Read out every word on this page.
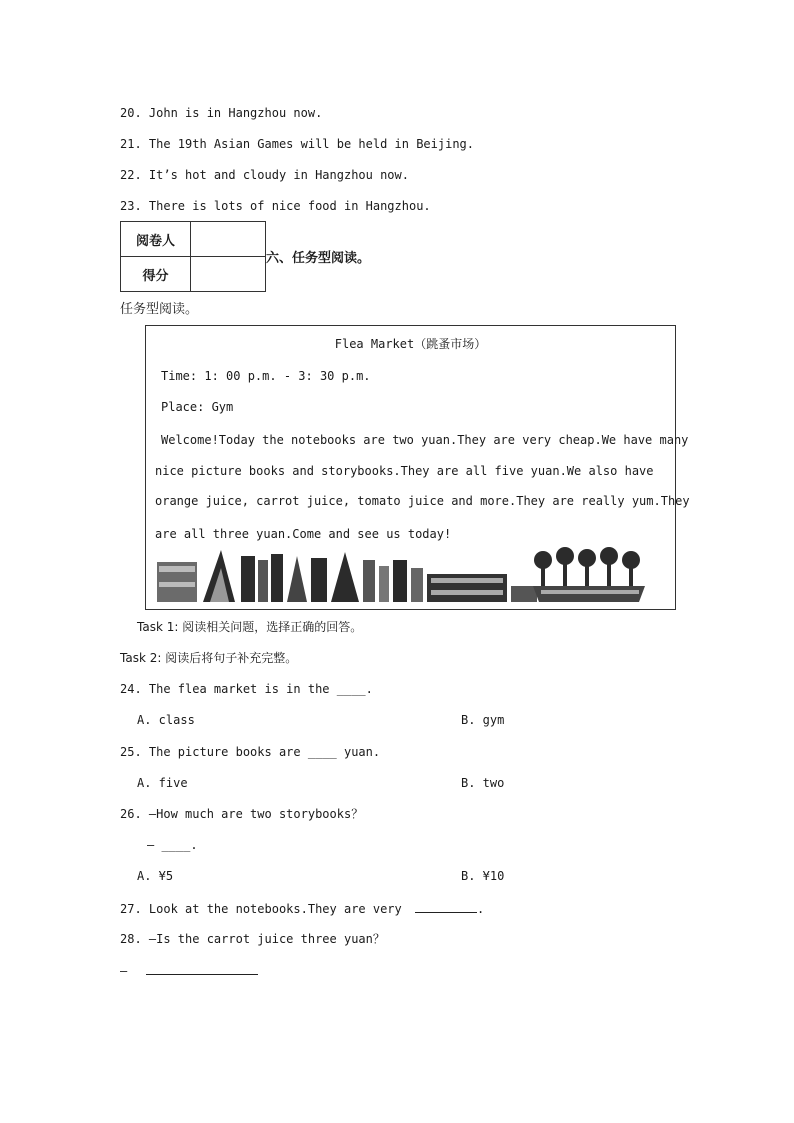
20. John is in Hangzhou now.
21. The 19th Asian Games will be held in Beijing.
22. It’s hot and cloudy in Hangzhou now.
23. There is lots of nice food in Hangzhou.
阅卷人	
得分	
六、任务型阅读。
任务型阅读。
Flea Market（跳蚤市场）
Time: 1: 00 p.m. - 3: 30 p.m.
Place: Gym
Welcome!Today the notebooks are two yuan.They are very cheap.We have many
nice picture books and storybooks.They are all five yuan.We also have
orange juice, carrot juice, tomato juice and more.They are really yum.They
are all three yuan.Come and see us today!
Task 1: 阅读相关问题，选择正确的回答。
Task 2: 阅读后将句子补充完整。
24. The flea market is in the ____.
A. class	B. gym
25. The picture books are ____ yuan.
A. five	B. two
26. —How much are two storybooks？
— ____.
A. ¥5	B. ¥10
27. Look at the notebooks.They are very	.
28. —Is the carrot juice three yuan？
—
